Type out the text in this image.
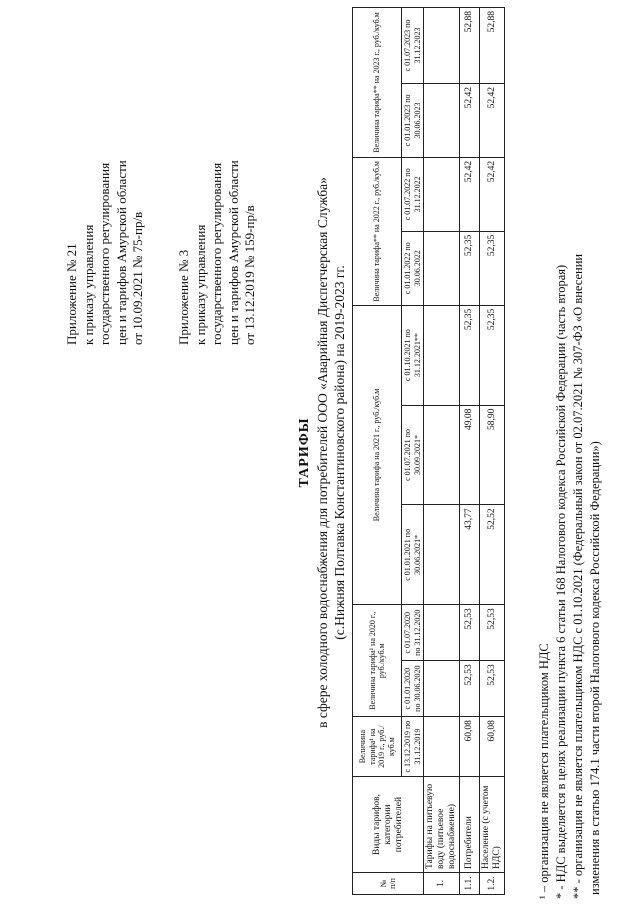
Приложение № 21 к приказу управления государственного регулирования цен и тарифов Амурской области от 10.09.2021 № 75-пр/в Приложение № 3 к приказу управления государственного регулирования цен и тарифов Амурской области от 13.12.2019 № 159-пр/в
ТАРИФЫ в сфере холодного водоснабжения для потребителей ООО «Аварийная Диспетчерская Служба» (с.Нижняя Полтавка Константиновского района) на 2019-2023 гг.
№ п/п	Виды тарифов, категории потребителей	Величина тарифа¹ на 2019 г., руб./куб.м	Величина тарифа¹ на 2020 г., руб./куб.м		Величина тарифа на 2021 г., руб./куб.м			Величина тарифа** на 2022 г., руб./куб.м		Величина тарифа** на 2023 г., руб./куб.м	
		с 13.12.2019 по 31.12.2019	с 01.01.2020 по 30.06.2020	с 01.07.2020 по 31.12.2020	с 01.01.2021 по 30.06.2021*	с 01.07.2021 по 30.09.2021*	с 01.10.2021 по 31.12.2021**	с 01.01.2022 по 30.06.2022	с 01.07.2022 по 31.12.2022	с 01.01.2023 по 30.06.2023	с 01.07.2023 по 31.12.2023
1.	Тарифы на питьевую воду (питьевое водоснабжение)										
1.1.	Потребители	60,08	52,53	52,53	43,77	49,08	52,35	52,35	52,42	52,42	52,88
1.2.	Население (с учетом НДС)	60,08	52,53	52,53	52,52	58,90	52,35	52,35	52,42	52,42	52,88
¹ – организация не является плательщиком НДС * - НДС выделяется в целях реализации пункта 6 статьи 168 Налогового кодекса Российской Федерации (часть вторая) ** - организация не является плательщиком НДС с 01.10.2021 (Федеральный закон от 02.07.2021 № 307-ФЗ «О внесении изменения в статью 174.1 части второй Налогового кодекса Российской Федерации»)
